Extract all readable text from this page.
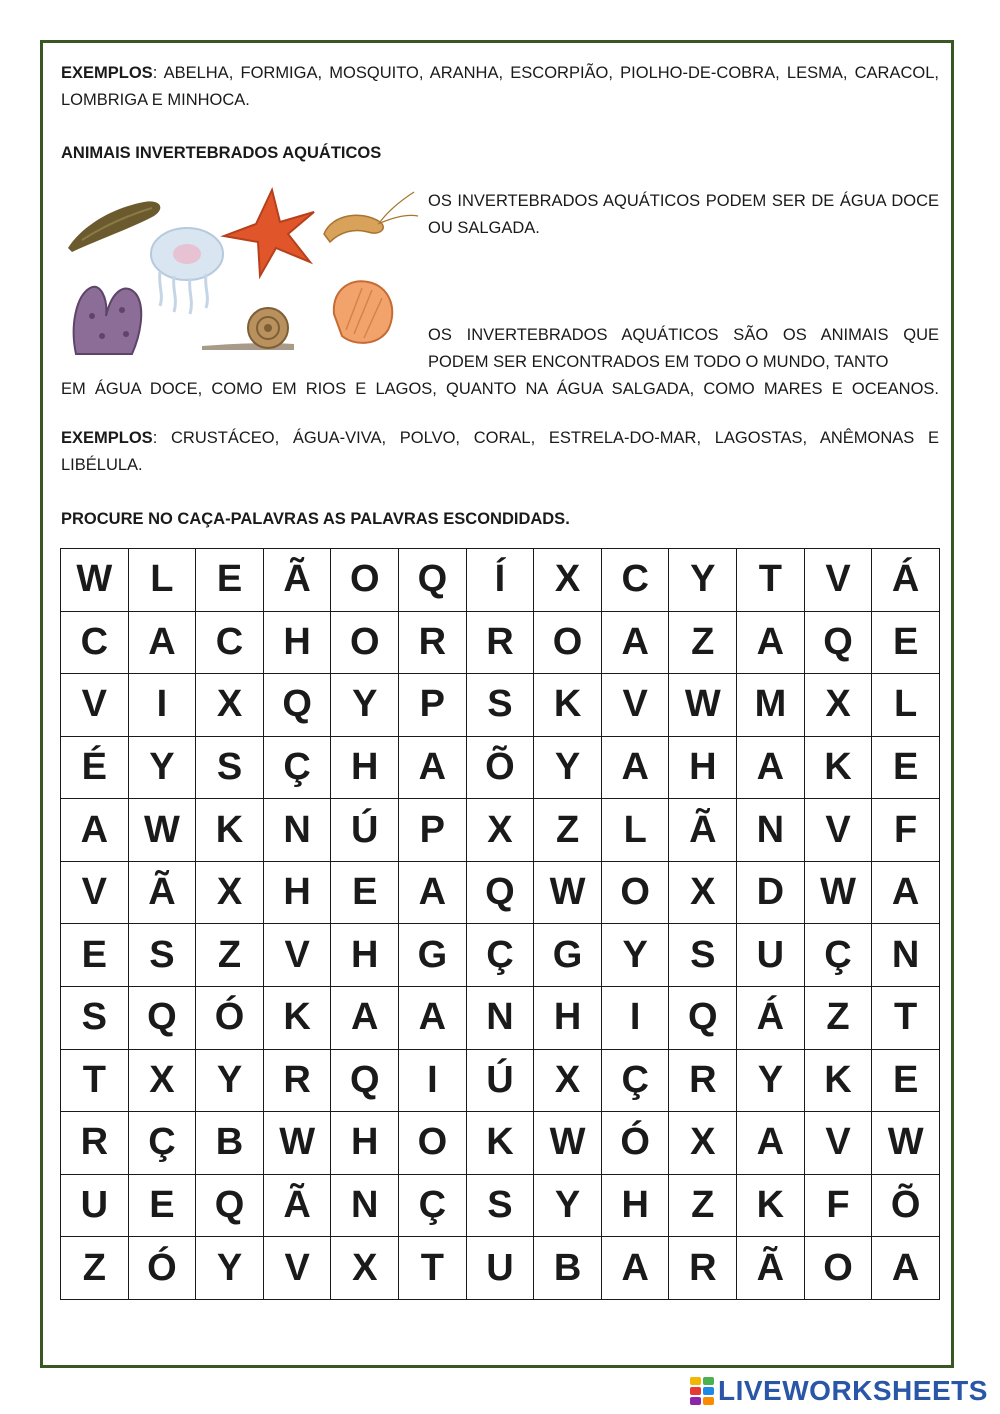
EXEMPLOS: ABELHA, FORMIGA, MOSQUITO, ARANHA, ESCORPIÃO, PIOLHO-DE-COBRA, LESMA, CARACOL, LOMBRIGA E MINHOCA.
ANIMAIS INVERTEBRADOS AQUÁTICOS
OS INVERTEBRADOS AQUÁTICOS PODEM SER DE ÁGUA DOCE OU SALGADA.
OS INVERTEBRADOS AQUÁTICOS SÃO OS ANIMAIS QUE PODEM SER ENCONTRADOS EM TODO O MUNDO, TANTO
EM ÁGUA DOCE, COMO EM RIOS E LAGOS, QUANTO NA ÁGUA SALGADA, COMO MARES E OCEANOS.
EXEMPLOS: CRUSTÁCEO, ÁGUA-VIVA, POLVO, CORAL, ESTRELA-DO-MAR, LAGOSTAS, ANÊMONAS E LIBÉLULA.
PROCURE NO CAÇA-PALAVRAS AS PALAVRAS ESCONDIDADS.
W	L	E	Ã	O	Q	Í	X	C	Y	T	V	Á
C	A	C	H	O	R	R	O	A	Z	A	Q	E
V	I	X	Q	Y	P	S	K	V	W	M	X	L
É	Y	S	Ç	H	A	Õ	Y	A	H	A	K	E
A	W	K	N	Ú	P	X	Z	L	Ã	N	V	F
V	Ã	X	H	E	A	Q	W	O	X	D	W	A
E	S	Z	V	H	G	Ç	G	Y	S	U	Ç	N
S	Q	Ó	K	A	A	N	H	I	Q	Á	Z	T
T	X	Y	R	Q	I	Ú	X	Ç	R	Y	K	E
R	Ç	B	W	H	O	K	W	Ó	X	A	V	W
U	E	Q	Ã	N	Ç	S	Y	H	Z	K	F	Õ
Z	Ó	Y	V	X	T	U	B	A	R	Ã	O	A
LIVEWORKSHEETS
